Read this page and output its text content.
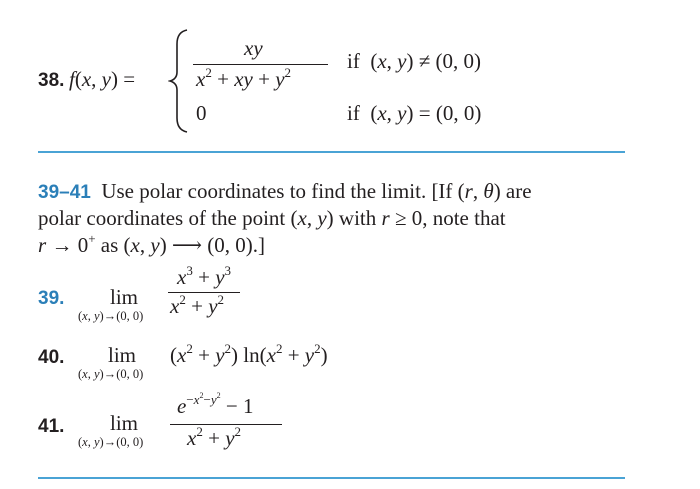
38. f(x, y) =
xy
$x^2$ + xy + $y^2$	if  (x, y) ≠ (0, 0)
0	if  (x, y) = (0, 0)
39–41  Use polar coordinates to find the limit. [If (r, θ) are
polar coordinates of the point (x, y) with r ≥ 0, note that
r → 0+ as (x, y) ⟶ (0, 0).]
39. lim
(x, y)→(0, 0)
$x^3 + y^3$
$x^2 + y^2$
40. lim
(x, y)→(0, 0)
$(x^2 + y^2) \ln(x^2 + y^2)$
41. lim
(x, y)→(0, 0)
$e^{-x^2-y^2} - 1$
$x^2 + y^2$
